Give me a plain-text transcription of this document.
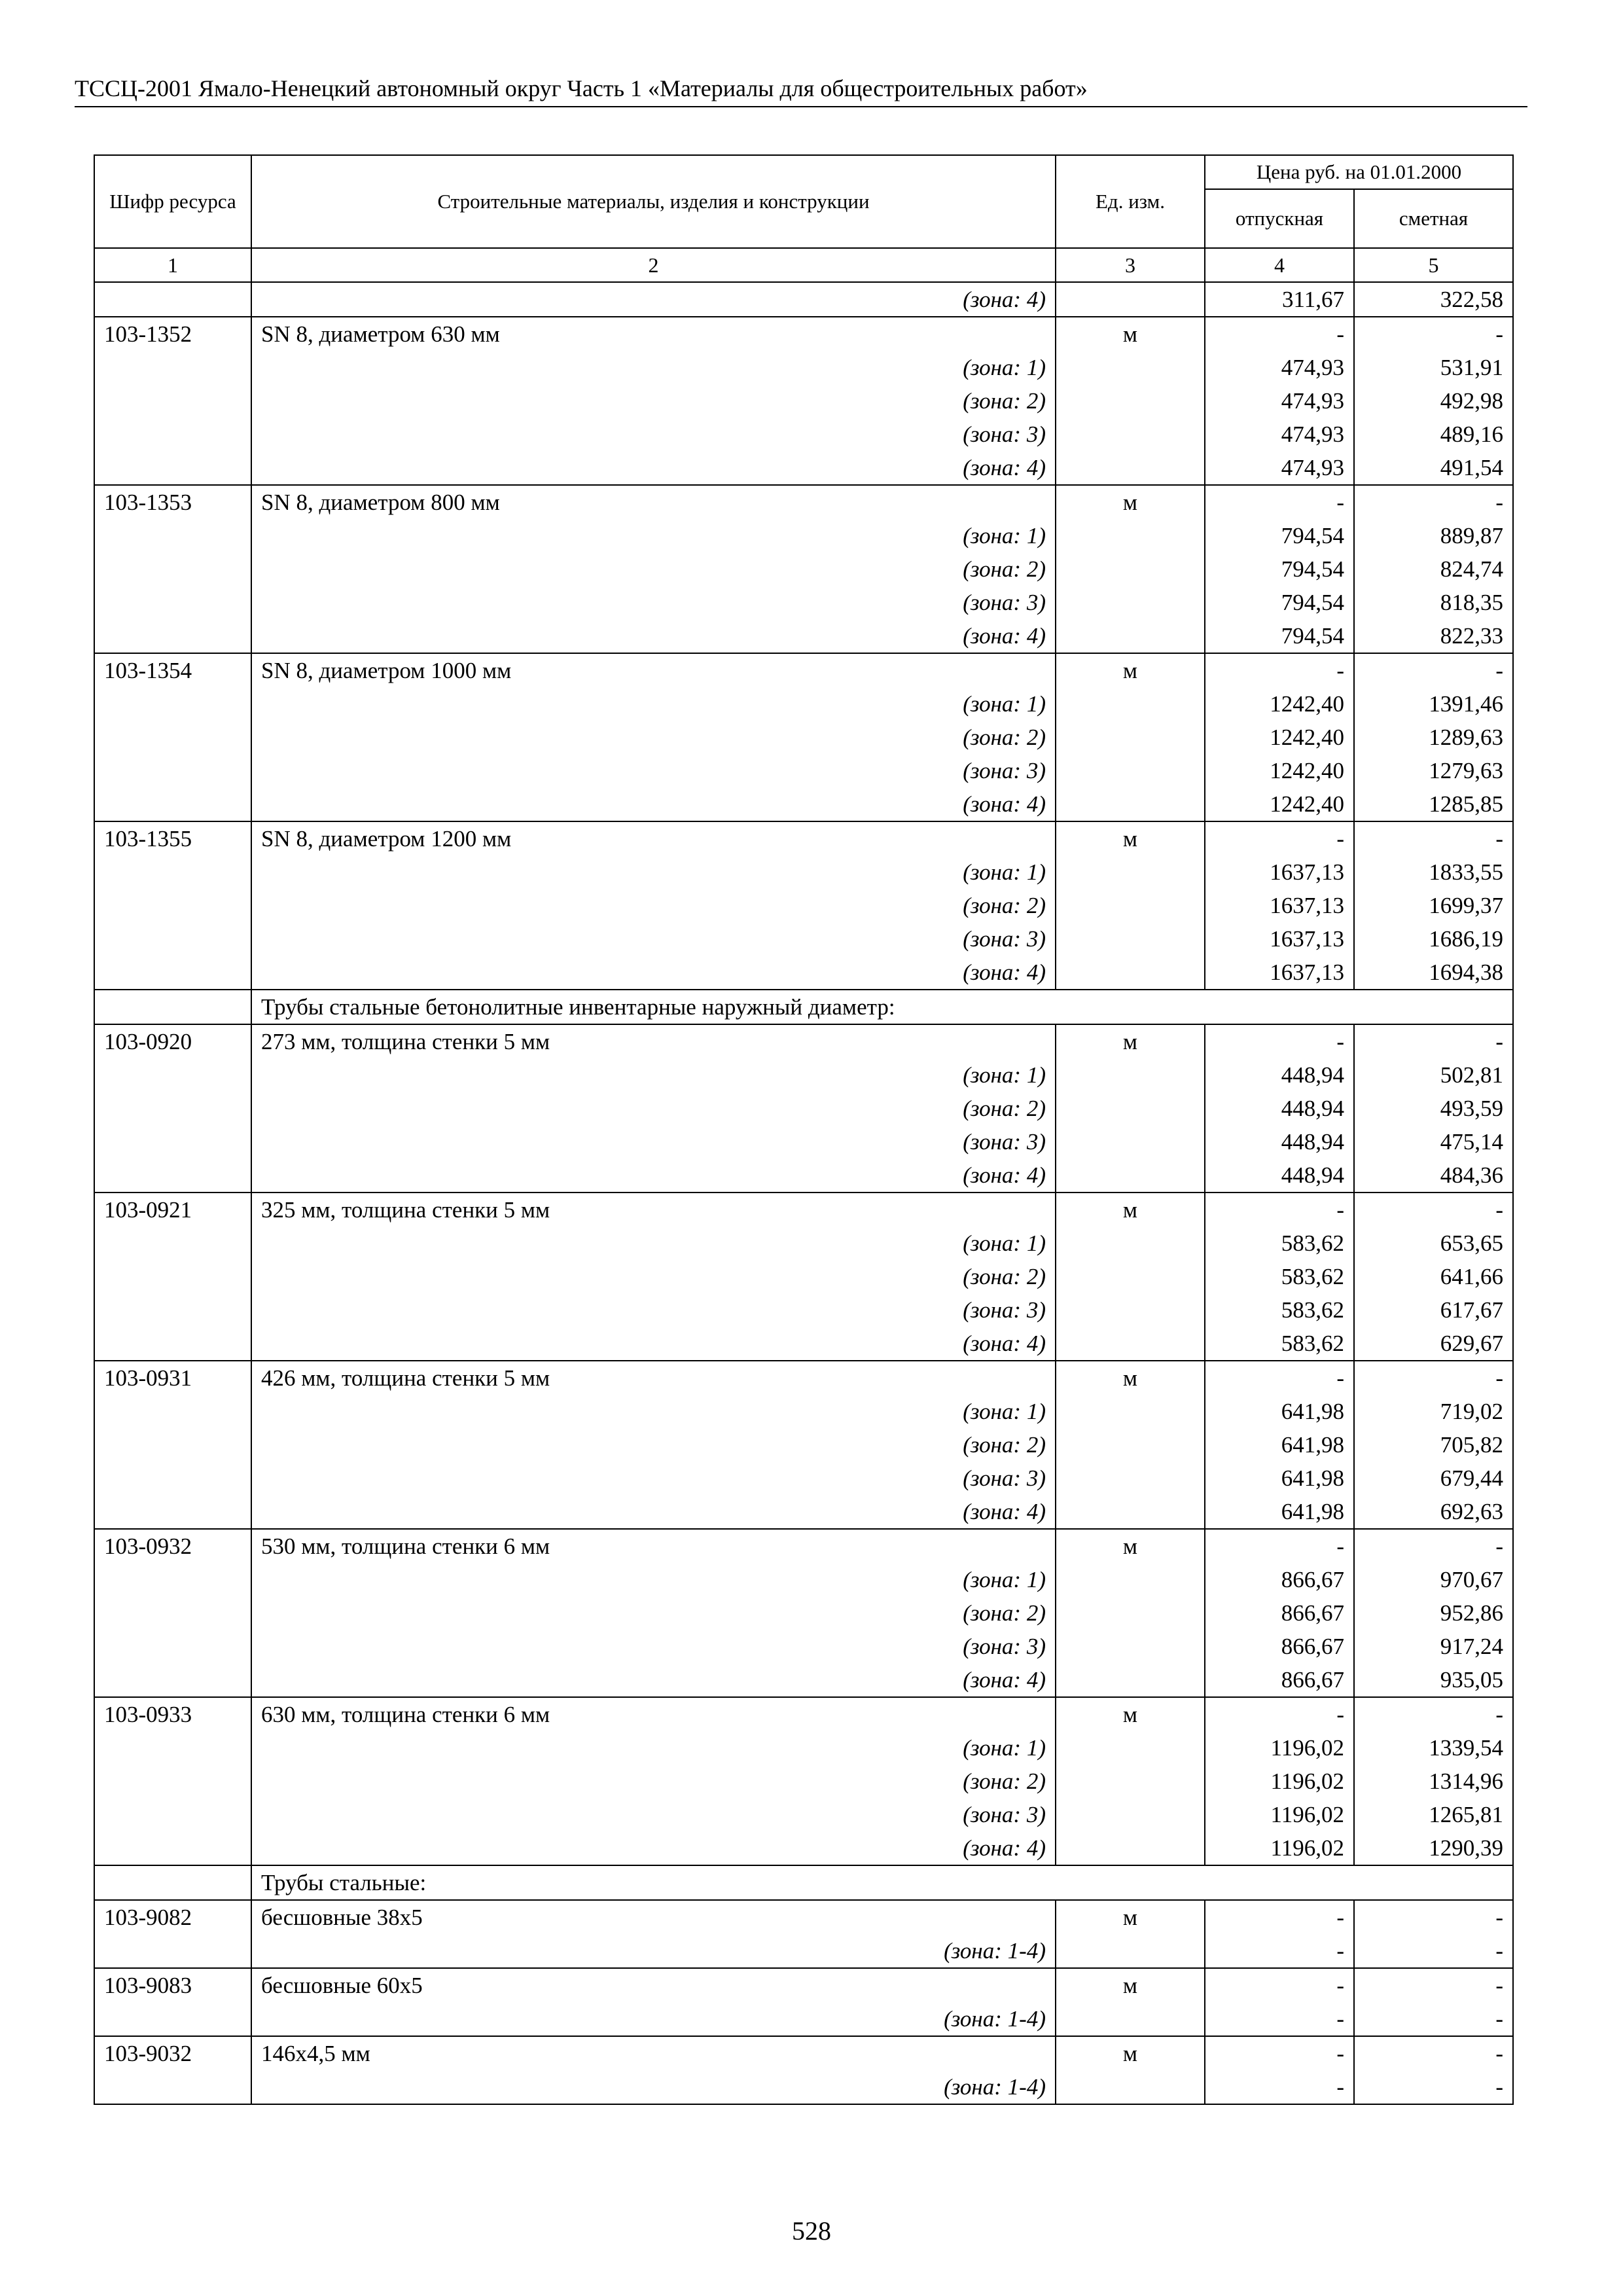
ТССЦ-2001 Ямало-Ненецкий автономный округ Часть 1 «Материалы для общестроительных работ»
Шифр ресурса	Строительные материалы, изделия и конструкции	Ед. изм.	Цена руб. на 01.01.2000	
			отпускная	сметная
1	2	3	4	5
	(зона: 4)		311,67	322,58
103-1352	SN 8, диаметром 630 мм	м	-	-
	(зона: 1)		474,93	531,91
	(зона: 2)		474,93	492,98
	(зона: 3)		474,93	489,16
	(зона: 4)		474,93	491,54
103-1353	SN 8, диаметром 800 мм	м	-	-
	(зона: 1)		794,54	889,87
	(зона: 2)		794,54	824,74
	(зона: 3)		794,54	818,35
	(зона: 4)		794,54	822,33
103-1354	SN 8, диаметром 1000 мм	м	-	-
	(зона: 1)		1242,40	1391,46
	(зона: 2)		1242,40	1289,63
	(зона: 3)		1242,40	1279,63
	(зона: 4)		1242,40	1285,85
103-1355	SN 8, диаметром 1200 мм	м	-	-
	(зона: 1)		1637,13	1833,55
	(зона: 2)		1637,13	1699,37
	(зона: 3)		1637,13	1686,19
	(зона: 4)		1637,13	1694,38
	Трубы стальные бетонолитные инвентарные наружный диаметр:			
103-0920	273 мм, толщина стенки 5 мм	м	-	-
	(зона: 1)		448,94	502,81
	(зона: 2)		448,94	493,59
	(зона: 3)		448,94	475,14
	(зона: 4)		448,94	484,36
103-0921	325 мм, толщина стенки 5 мм	м	-	-
	(зона: 1)		583,62	653,65
	(зона: 2)		583,62	641,66
	(зона: 3)		583,62	617,67
	(зона: 4)		583,62	629,67
103-0931	426 мм, толщина стенки 5 мм	м	-	-
	(зона: 1)		641,98	719,02
	(зона: 2)		641,98	705,82
	(зона: 3)		641,98	679,44
	(зона: 4)		641,98	692,63
103-0932	530 мм, толщина стенки 6 мм	м	-	-
	(зона: 1)		866,67	970,67
	(зона: 2)		866,67	952,86
	(зона: 3)		866,67	917,24
	(зона: 4)		866,67	935,05
103-0933	630 мм, толщина стенки 6 мм	м	-	-
	(зона: 1)		1196,02	1339,54
	(зона: 2)		1196,02	1314,96
	(зона: 3)		1196,02	1265,81
	(зона: 4)		1196,02	1290,39
	Трубы стальные:			
103-9082	бесшовные 38х5	м	-	-
	(зона: 1-4)		-	-
103-9083	бесшовные 60х5	м	-	-
	(зона: 1-4)		-	-
103-9032	146х4,5 мм	м	-	-
	(зона: 1-4)		-	-
528
